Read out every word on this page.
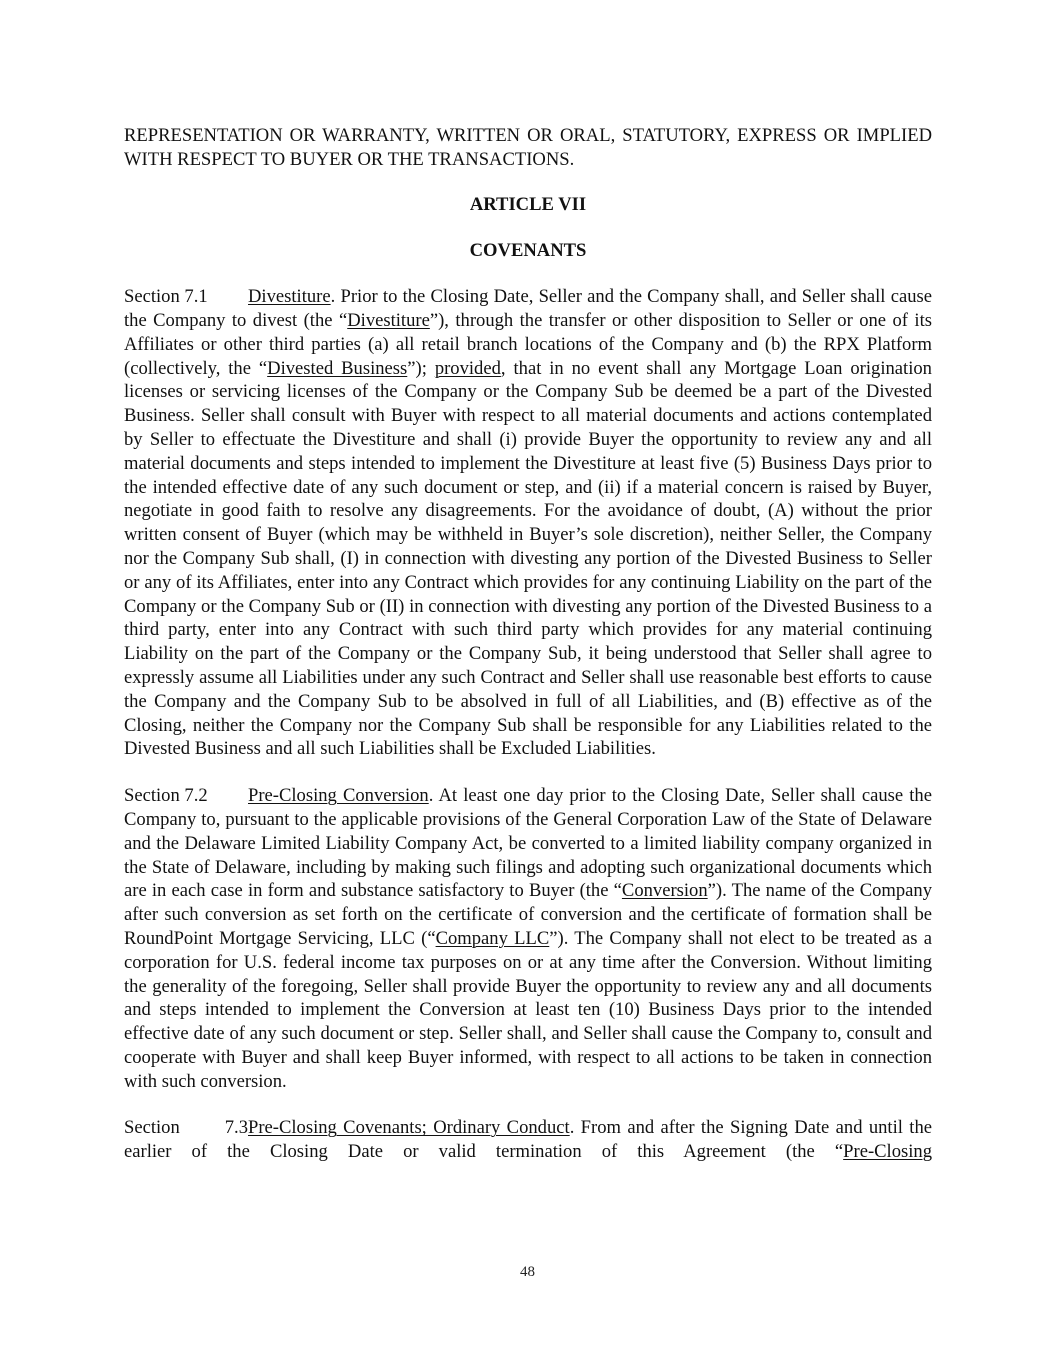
REPRESENTATION OR WARRANTY, WRITTEN OR ORAL, STATUTORY, EXPRESS OR IMPLIED WITH RESPECT TO BUYER OR THE TRANSACTIONS.

ARTICLE VII

COVENANTS

Section 7.1 Divestiture. Prior to the Closing Date, Seller and the Company shall, and Seller shall cause the Company to divest (the “Divestiture”), through the transfer or other disposition to Seller or one of its Affiliates or other third parties (a) all retail branch locations of the Company and (b) the RPX Platform (collectively, the “Divested Business”); provided, that in no event shall any Mortgage Loan origination licenses or servicing licenses of the Company or the Company Sub be deemed be a part of the Divested Business. Seller shall consult with Buyer with respect to all material documents and actions contemplated by Seller to effectuate the Divestiture and shall (i) provide Buyer the opportunity to review any and all material documents and steps intended to implement the Divestiture at least five (5) Business Days prior to the intended effective date of any such document or step, and (ii) if a material concern is raised by Buyer, negotiate in good faith to resolve any disagreements. For the avoidance of doubt, (A) without the prior written consent of Buyer (which may be withheld in Buyer’s sole discretion), neither Seller, the Company nor the Company Sub shall, (I) in connection with divesting any portion of the Divested Business to Seller or any of its Affiliates, enter into any Contract which provides for any continuing Liability on the part of the Company or the Company Sub or (II) in connection with divesting any portion of the Divested Business to a third party, enter into any Contract with such third party which provides for any material continuing Liability on the part of the Company or the Company Sub, it being understood that Seller shall agree to expressly assume all Liabilities under any such Contract and Seller shall use reasonable best efforts to cause the Company and the Company Sub to be absolved in full of all Liabilities, and (B) effective as of the Closing, neither the Company nor the Company Sub shall be responsible for any Liabilities related to the Divested Business and all such Liabilities shall be Excluded Liabilities.

Section 7.2 Pre-Closing Conversion. At least one day prior to the Closing Date, Seller shall cause the Company to, pursuant to the applicable provisions of the General Corporation Law of the State of Delaware and the Delaware Limited Liability Company Act, be converted to a limited liability company organized in the State of Delaware, including by making such filings and adopting such organizational documents which are in each case in form and substance satisfactory to Buyer (the “Conversion”). The name of the Company after such conversion as set forth on the certificate of conversion and the certificate of formation shall be RoundPoint Mortgage Servicing, LLC (“Company LLC”). The Company shall not elect to be treated as a corporation for U.S. federal income tax purposes on or at any time after the Conversion. Without limiting the generality of the foregoing, Seller shall provide Buyer the opportunity to review any and all documents and steps intended to implement the Conversion at least ten (10) Business Days prior to the intended effective date of any such document or step. Seller shall, and Seller shall cause the Company to, consult and cooperate with Buyer and shall keep Buyer informed, with respect to all actions to be taken in connection with such conversion.

Section 7.3Pre-Closing Covenants; Ordinary Conduct. From and after the Signing Date and until the earlier of the Closing Date or valid termination of this Agreement (the “Pre-Closing

48
